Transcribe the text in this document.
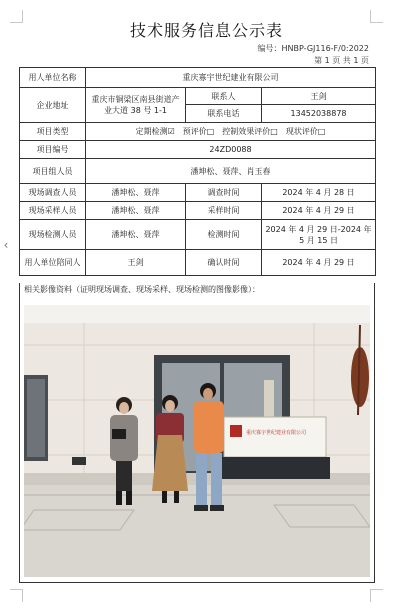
‹
技术服务信息公示表
编号：HNBP-GJ116-F/0:2022
第 1 页 共 1 页
用人单位名称	重庆寡宇世纪建业有限公司		
企业地址	重庆市铜梁区南县街道产业大道 38 号 1-1	联系人	王剑
		联系电话	13452038878
项目类型	定期检测☑　预评价□　控制效果评价□　现状评价□		
项目编号	24ZD0088		
项目组人员	潘坤松、聂萍、肖玉春		
现场调查人员	潘坤松、聂萍	调查时间	2024 年 4 月 28 日
现场采样人员	潘坤松、聂萍	采样时间	2024 年 4 月 29 日
现场检测人员	潘坤松、聂萍	检测时间	2024 年 4 月 29 日-2024 年 5 月 15 日
用人单位陪同人	王剑	确认时间	2024 年 4 月 29 日
相关影像资料（证明现场调查、现场采样、现场检测的图像影像）：
重庆寡宇世纪建业有限公司
